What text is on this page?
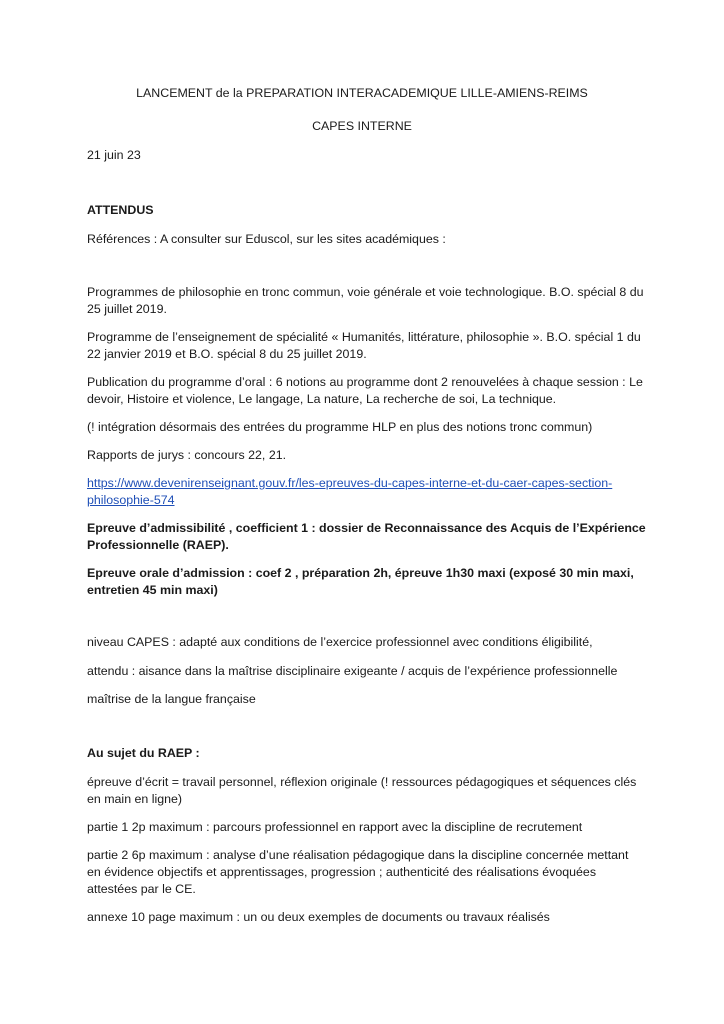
LANCEMENT de la PREPARATION INTERACADEMIQUE LILLE-AMIENS-REIMS
CAPES INTERNE
21 juin 23
ATTENDUS
Références : A consulter sur Eduscol, sur les sites académiques :
Programmes de philosophie en tronc commun, voie générale et voie technologique. B.O. spécial 8 du
25 juillet 2019.
Programme de l’enseignement de spécialité « Humanités, littérature, philosophie ». B.O. spécial 1 du
22 janvier 2019 et B.O. spécial 8 du 25 juillet 2019.
Publication du programme d’oral : 6 notions au programme dont 2 renouvelées à chaque session : Le
devoir, Histoire et violence, Le langage, La nature, La recherche de soi, La technique.
(! intégration désormais des entrées du programme HLP en plus des notions tronc commun)
Rapports de jurys : concours 22, 21.
https://www.devenirenseignant.gouv.fr/les-epreuves-du-capes-interne-et-du-caer-capes-section-
philosophie-574
Epreuve d’admissibilité , coefficient 1 : dossier de Reconnaissance des Acquis de l’Expérience
Professionnelle (RAEP).
Epreuve orale d’admission : coef 2 , préparation 2h, épreuve 1h30 maxi (exposé 30 min maxi,
entretien 45 min maxi)
niveau CAPES : adapté aux conditions de l’exercice professionnel avec conditions éligibilité,
attendu : aisance dans la maîtrise disciplinaire exigeante / acquis de l’expérience professionnelle
maîtrise de la langue française
Au sujet du RAEP :
épreuve d’écrit = travail personnel, réflexion originale (! ressources pédagogiques et séquences clés
en main en ligne)
partie 1 2p maximum : parcours professionnel en rapport avec la discipline de recrutement
partie 2 6p maximum : analyse d’une réalisation pédagogique dans la discipline concernée mettant
en évidence objectifs et apprentissages, progression ; authenticité des réalisations évoquées
attestées par le CE.
annexe 10 page maximum : un ou deux exemples de documents ou travaux réalisés
